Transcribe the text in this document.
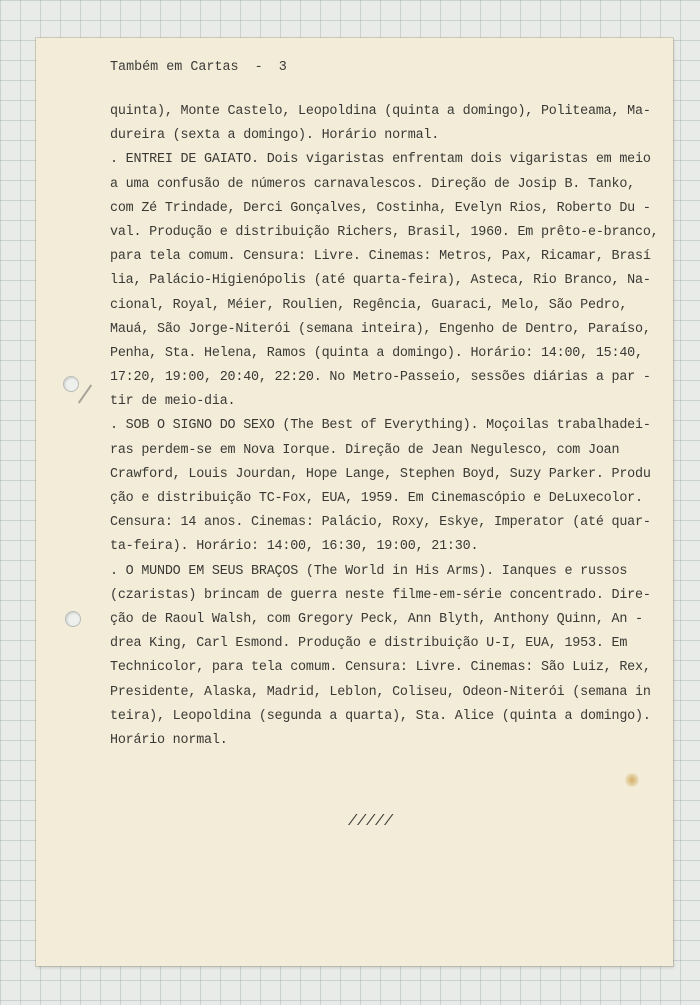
Também em Cartas  -  3
quinta), Monte Castelo, Leopoldina (quinta a domingo), Politeama, Ma-
dureira (sexta a domingo). Horário normal.
. ENTREI DE GAIATO. Dois vigaristas enfrentam dois vigaristas em meio
a uma confusão de números carnavalescos. Direção de Josip B. Tanko,
com Zé Trindade, Derci Gonçalves, Costinha, Evelyn Rios, Roberto Du -
val. Produção e distribuição Richers, Brasil, 1960. Em prêto-e-branco,
para tela comum. Censura: Livre. Cinemas: Metros, Pax, Ricamar, Brasí
lia, Palácio-Higienópolis (até quarta-feira), Asteca, Rio Branco, Na-
cional, Royal, Méier, Roulien, Regência, Guaraci, Melo, São Pedro,
Mauá, São Jorge-Niterói (semana inteira), Engenho de Dentro, Paraíso,
Penha, Sta. Helena, Ramos (quinta a domingo). Horário: 14:00, 15:40,
17:20, 19:00, 20:40, 22:20. No Metro-Passeio, sessões diárias a par -
tir de meio-dia.
. SOB O SIGNO DO SEXO (The Best of Everything). Moçoilas trabalhadei-
ras perdem-se em Nova Iorque. Direção de Jean Negulesco, com Joan
Crawford, Louis Jourdan, Hope Lange, Stephen Boyd, Suzy Parker. Produ
ção e distribuição TC-Fox, EUA, 1959. Em Cinemascópio e DeLuxecolor.
Censura: 14 anos. Cinemas: Palácio, Roxy, Eskye, Imperator (até quar-
ta-feira). Horário: 14:00, 16:30, 19:00, 21:30.
. O MUNDO EM SEUS BRAÇOS (The World in His Arms). Ianques e russos
(czaristas) brincam de guerra neste filme-em-série concentrado. Dire-
ção de Raoul Walsh, com Gregory Peck, Ann Blyth, Anthony Quinn, An -
drea King, Carl Esmond. Produção e distribuição U-I, EUA, 1953. Em
Technicolor, para tela comum. Censura: Livre. Cinemas: São Luiz, Rex,
Presidente, Alaska, Madrid, Leblon, Coliseu, Odeon-Niterói (semana in
teira), Leopoldina (segunda a quarta), Sta. Alice (quinta a domingo).
Horário normal.
/////
